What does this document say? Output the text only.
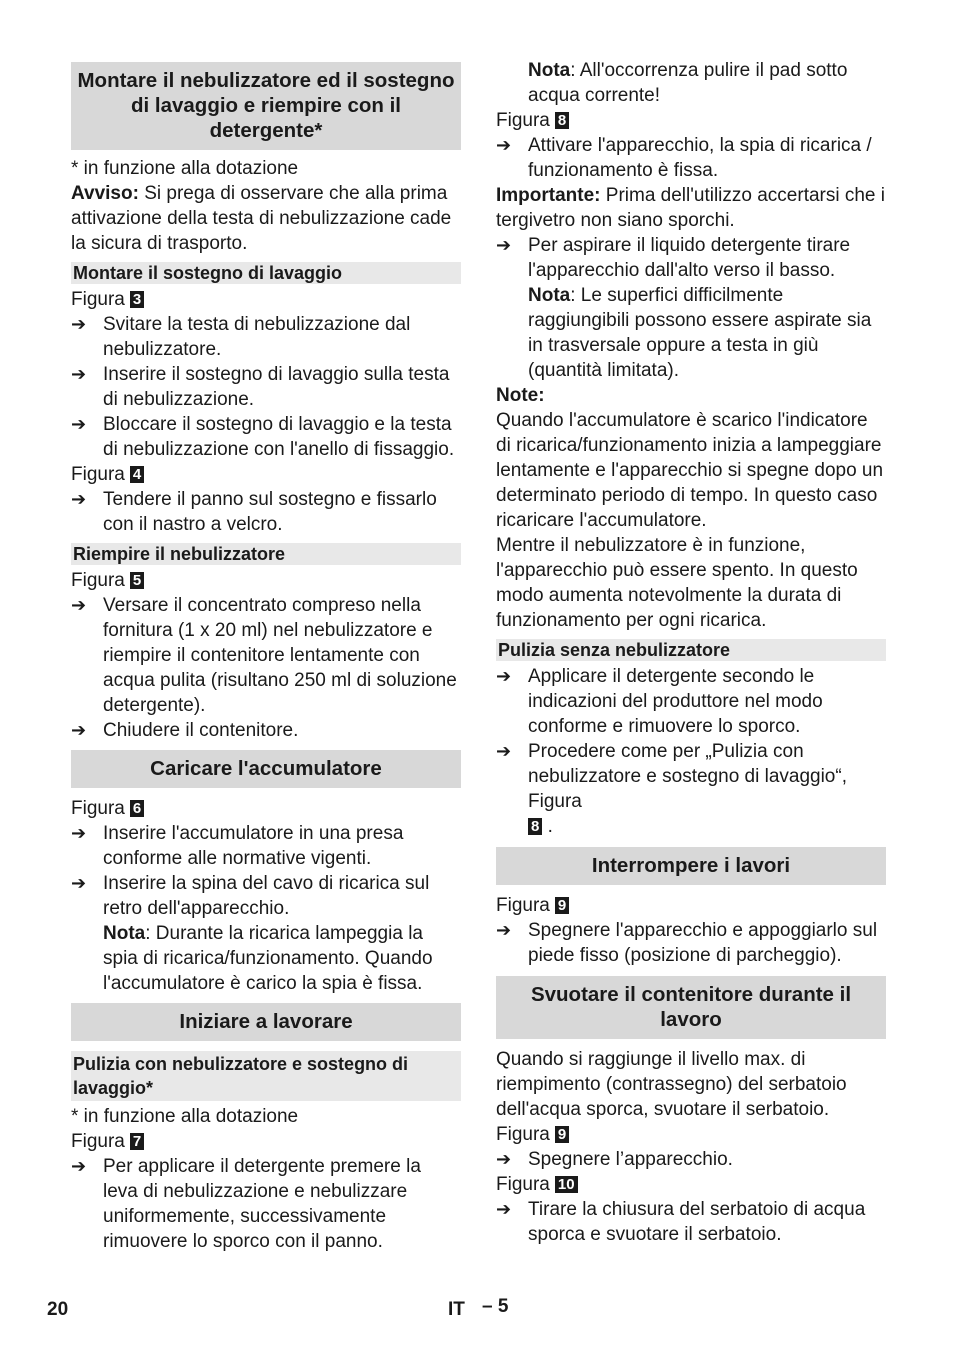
Montare il nebulizzatore ed il sostegno di lavaggio e riempire con il detergente*

* in funzione alla dotazione

Avviso: Si prega di osservare che alla prima attivazione della testa di nebulizzazione cade la sicura di trasporto.

Montare il sostegno di lavaggio

Figura 3

➔ Svitare la testa di nebulizzazione dal nebulizzatore.
➔ Inserire il sostegno di lavaggio sulla testa di nebulizzazione.
➔ Bloccare il sostegno di lavaggio e la testa di nebulizzazione con l'anello di fissaggio.

Figura 4

➔ Tendere il panno sul sostegno e fissarlo con il nastro a velcro.
Riempire il nebulizzatore

Figura 5

➔ Versare il concentrato compreso nella fornitura (1 x 20 ml) nel nebulizzatore e riempire il contenitore lentamente con acqua pulita (risultano 250 ml di soluzione detergente).
➔ Chiudere il contenitore.
Caricare l'accumulatore

Figura 6

➔ Inserire l'accumulatore in una presa conforme alle normative vigenti.
➔ Inserire la spina del cavo di ricarica sul retro dell'apparecchio.

Nota: Durante la ricarica lampeggia la spia di ricarica/funzionamento. Quando l'accumulatore è carico la spia è fissa.

Iniziare a lavorare
Pulizia con nebulizzatore e sostegno di lavaggio*

* in funzione alla dotazione

Figura 7

➔ Per applicare il detergente premere la leva di nebulizzazione e nebulizzare uniformemente, successivamente rimuovere lo sporco con il panno.

Nota: All'occorrenza pulire il pad sotto acqua corrente!

Figura 8

➔ Attivare l'apparecchio, la spia di ricarica / funzionamento è fissa.

Importante: Prima dell'utilizzo accertarsi che i tergivetro non siano sporchi.

➔ Per aspirare il liquido detergente tirare l'apparecchio dall'alto verso il basso.

Nota: Le superfici difficilmente raggiungibili possono essere aspirate sia in trasversale oppure a testa in giù (quantità limitata).

Note:

Quando l'accumulatore è scarico l'indicatore di ricarica/funzionamento inizia a lampeggiare lentamente e l'apparecchio si spegne dopo un determinato periodo di tempo. In questo caso ricaricare l'accumulatore.

Mentre il nebulizzatore è in funzione, l'apparecchio può essere spento. In questo modo aumenta notevolmente la durata di funzionamento per ogni ricarica.

Pulizia senza nebulizzatore
➔ Applicare il detergente secondo le indicazioni del produttore nel modo conforme e rimuovere lo sporco.
➔ Procedere come per „Pulizia con nebulizzatore e sostegno di lavaggio“, Figura
8 .
Interrompere i lavori

Figura 9

➔ Spegnere l'apparecchio e appoggiarlo sul piede fisso (posizione di parcheggio).
Svuotare il contenitore durante il lavoro

Quando si raggiunge il livello max. di riempimento (contrassegno) del serbatoio dell'acqua sporca, svuotare il serbatoio.

Figura 9

➔ Spegnere l’apparecchio.

Figura 10

➔ Tirare la chiusura del serbatoio di acqua sporca e svuotare il serbatoio.
20	IT – 5
